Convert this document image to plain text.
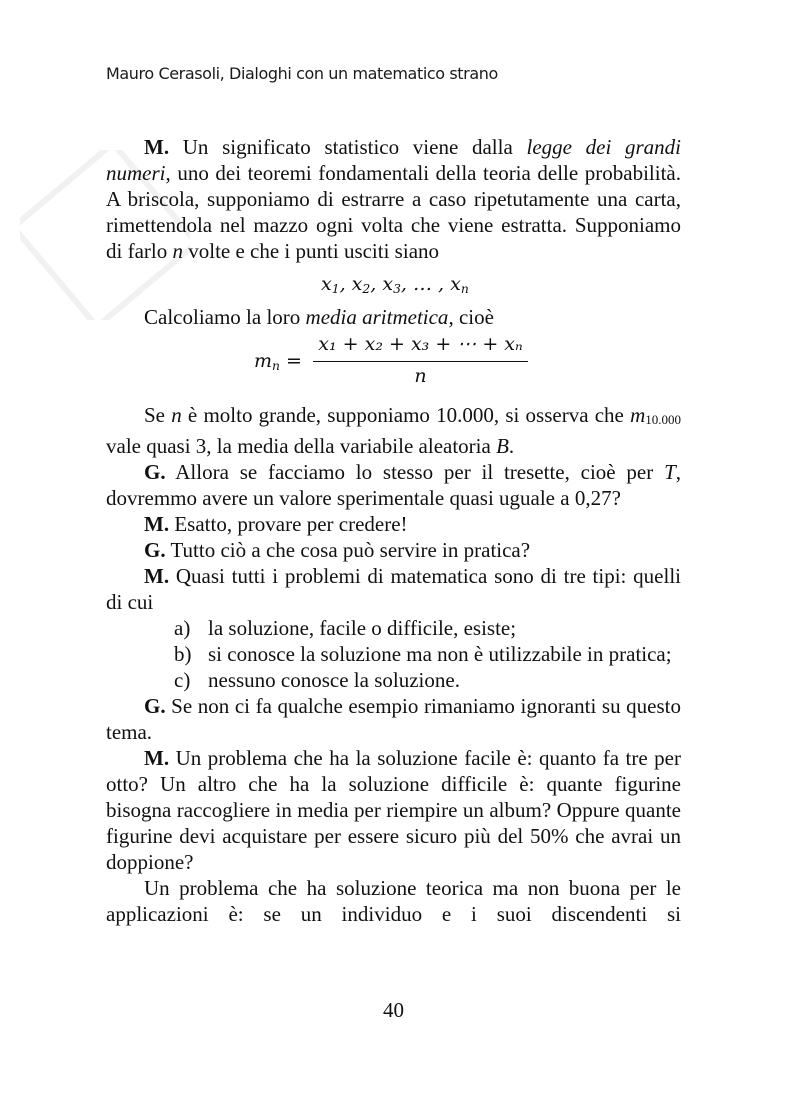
Mauro Cerasoli, Dialoghi con un matematico strano

M. Un significato statistico viene dalla legge dei grandi numeri, uno dei teoremi fondamentali della teoria delle probabilità. A briscola, supponiamo di estrarre a caso ripetutamente una carta, rimettendola nel mazzo ogni volta che viene estratta. Supponiamo di farlo n volte e che i punti usciti siano

$x_1$, $x_2$, $x_3$, … , $x_n$

Calcoliamo la loro media aritmetica, cioè

$m_n = \frac{\text{x₁ + x₂ + x₃ + ⋯ + xₙ}}{n}$

Se n è molto grande, supponiamo 10.000, si osserva che $m_{10.000}$ vale quasi 3, la media della variabile aleatoria B.

G. Allora se facciamo lo stesso per il tresette, cioè per T, dovremmo avere un valore sperimentale quasi uguale a 0,27?

M. Esatto, provare per credere!

G. Tutto ciò a che cosa può servire in pratica?

M. Quasi tutti i problemi di matematica sono di tre tipi: quelli di cui

a) la soluzione, facile o difficile, esiste;
b) si conosce la soluzione ma non è utilizzabile in pratica;
c) nessuno conosce la soluzione.

G. Se non ci fa qualche esempio rimaniamo ignoranti su questo tema.

M. Un problema che ha la soluzione facile è: quanto fa tre per otto? Un altro che ha la soluzione difficile è: quante figurine bisogna raccogliere in media per riempire un album? Oppure quante figurine devi acquistare per essere sicuro più del 50% che avrai un doppione?

Un problema che ha soluzione teorica ma non buona per le applicazioni è: se un individuo e i suoi discendenti si

40
